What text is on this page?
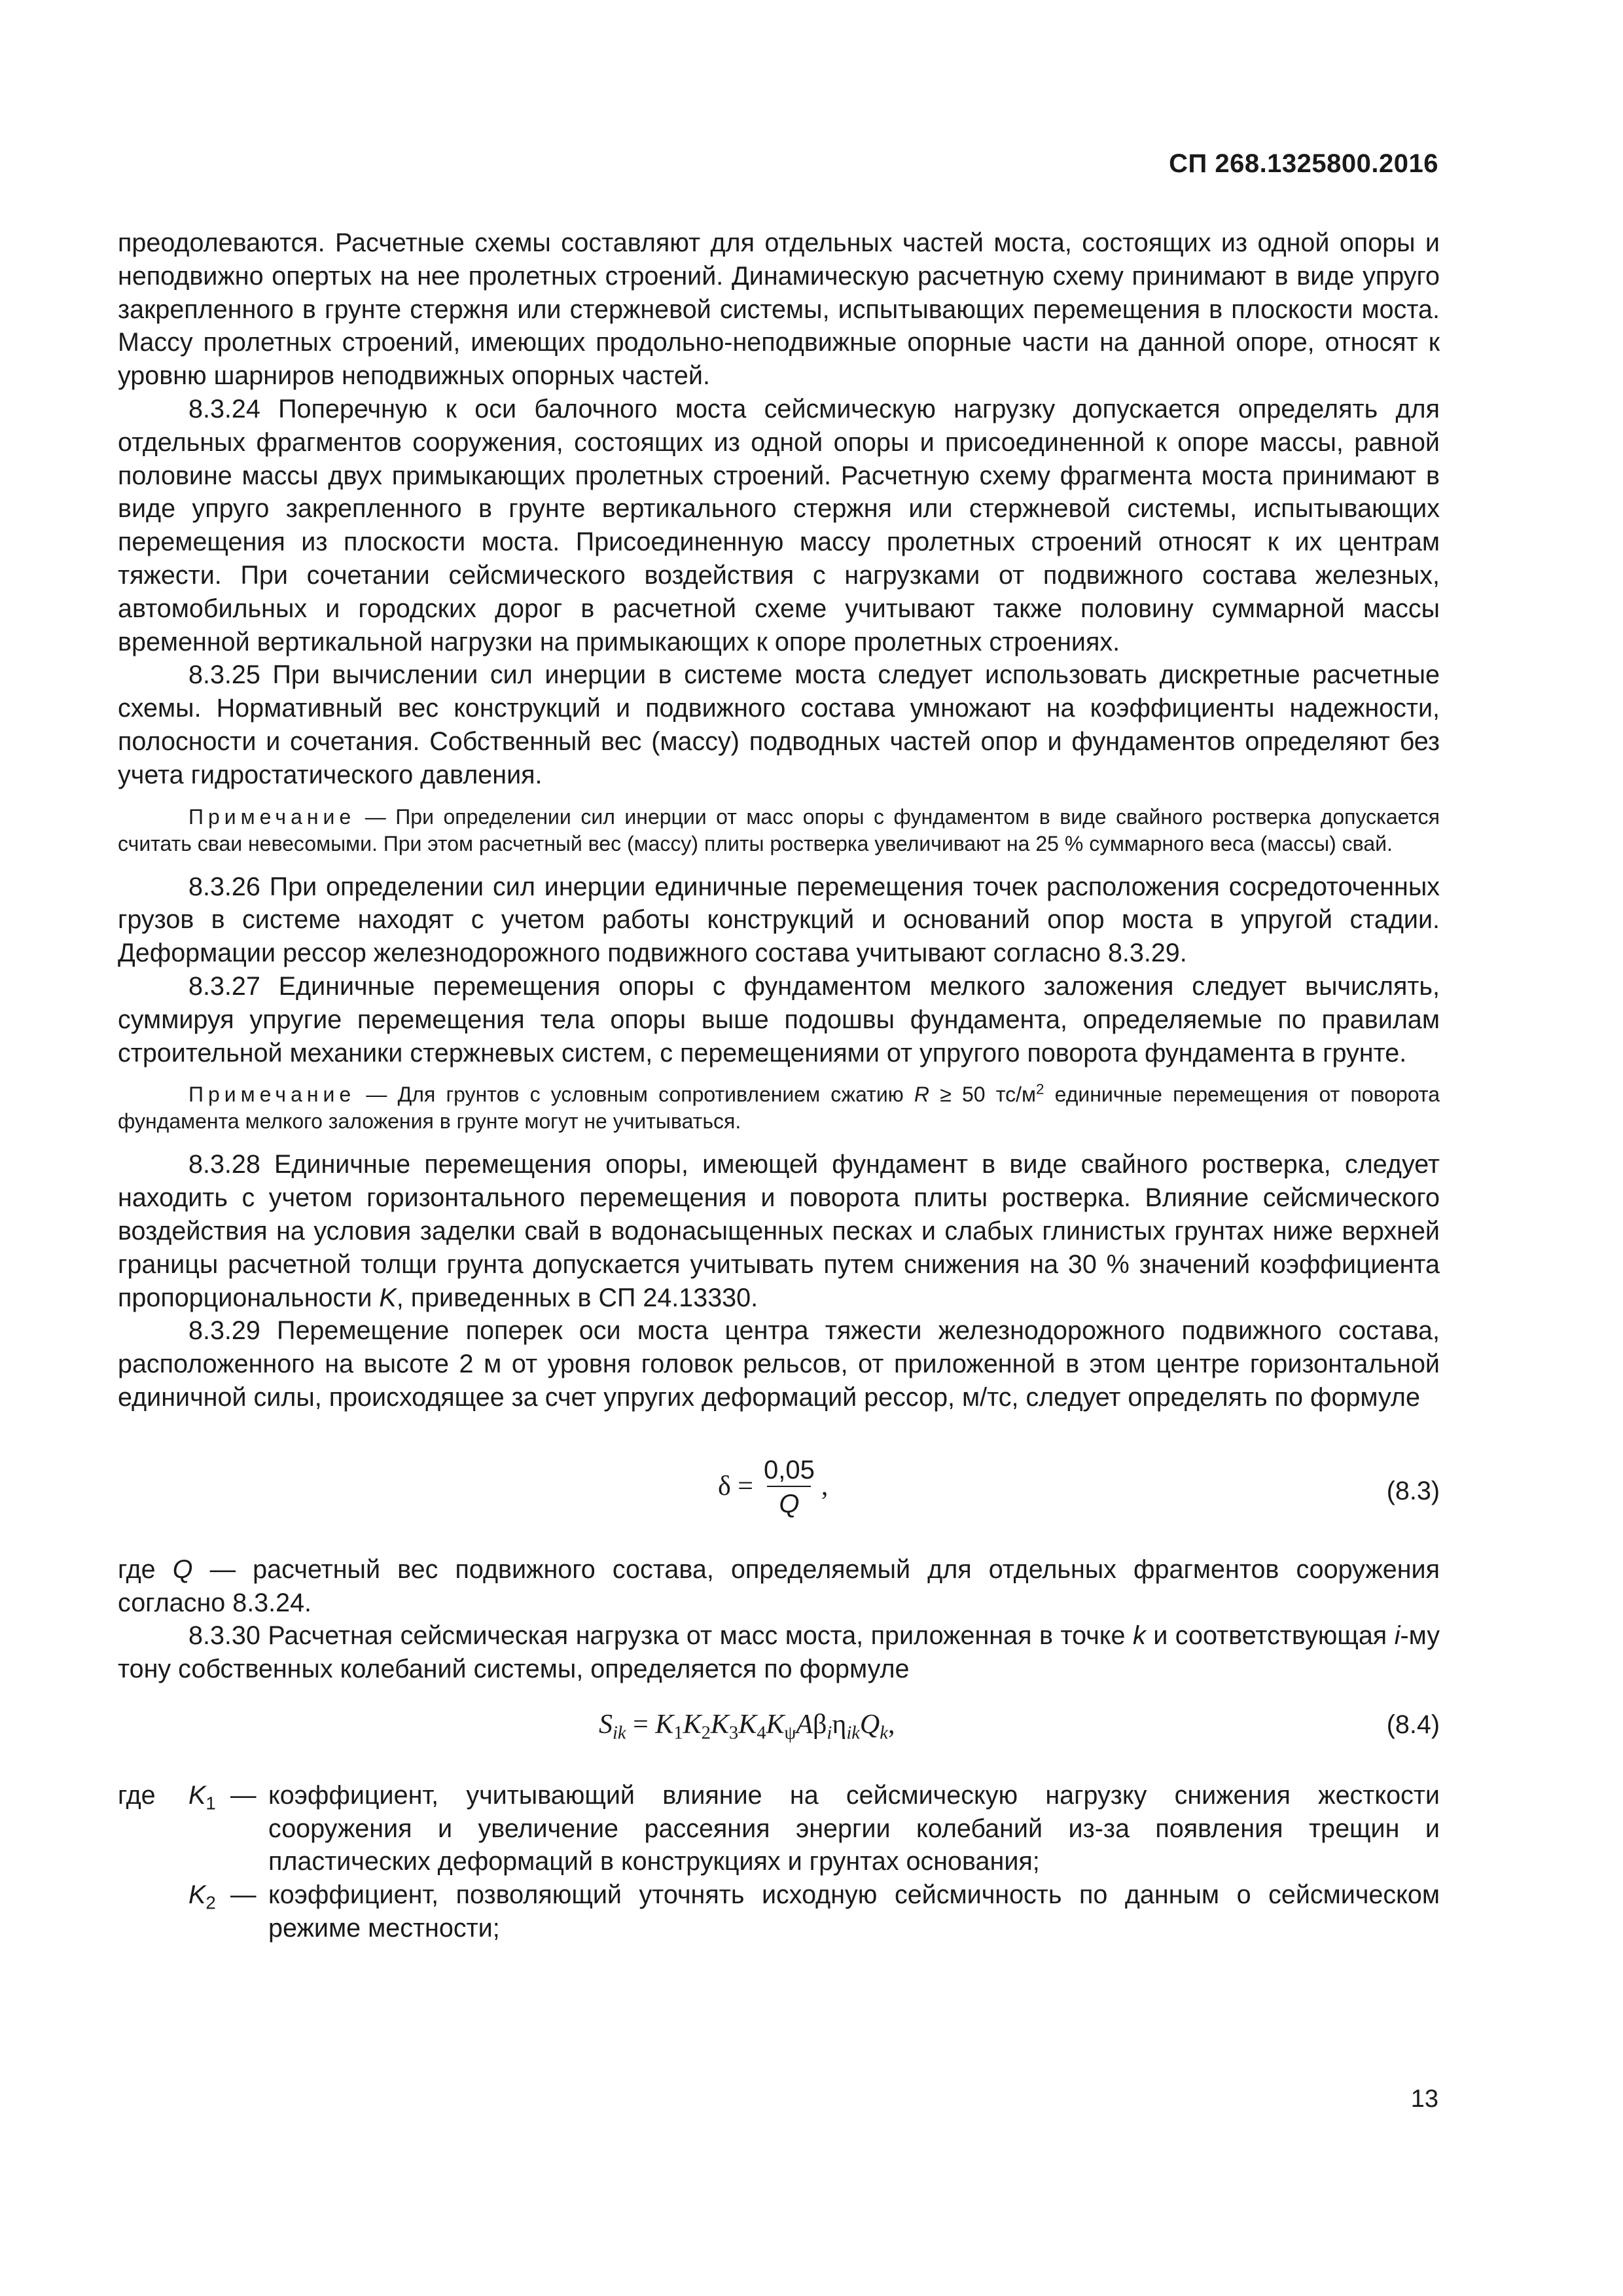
СП 268.1325800.2016

преодолеваются. Расчетные схемы составляют для отдельных частей моста, состоящих из одной опоры и неподвижно опертых на нее пролетных строений. Динамическую расчетную схему принимают в виде упруго закрепленного в грунте стержня или стержневой системы, испытывающих перемещения в плоскости моста. Массу пролетных строений, имеющих продольно-неподвижные опорные части на данной опоре, относят к уровню шарниров неподвижных опорных частей.

8.3.24 Поперечную к оси балочного моста сейсмическую нагрузку допускается определять для отдельных фрагментов сооружения, состоящих из одной опоры и присоединенной к опоре массы, равной половине массы двух примыкающих пролетных строений. Расчетную схему фрагмента моста принимают в виде упруго закрепленного в грунте вертикального стержня или стержневой системы, испытывающих перемещения из плоскости моста. Присоединенную массу пролетных строений относят к их центрам тяжести. При сочетании сейсмического воздействия с нагрузками от подвижного состава железных, автомобильных и городских дорог в расчетной схеме учитывают также половину суммарной массы временной вертикальной нагрузки на примыкающих к опоре пролетных строениях.

8.3.25 При вычислении сил инерции в системе моста следует использовать дискретные расчетные схемы. Нормативный вес конструкций и подвижного состава умножают на коэффициенты надежности, полосности и сочетания. Собственный вес (массу) подводных частей опор и фундаментов определяют без учета гидростатического давления.

Примечание — При определении сил инерции от масс опоры с фундаментом в виде свайного ростверка допускается считать сваи невесомыми. При этом расчетный вес (массу) плиты ростверка увеличивают на 25 % суммарного веса (массы) свай.

8.3.26 При определении сил инерции единичные перемещения точек расположения сосредоточенных грузов в системе находят с учетом работы конструкций и оснований опор моста в упругой стадии. Деформации рессор железнодорожного подвижного состава учитывают согласно 8.3.29.

8.3.27 Единичные перемещения опоры с фундаментом мелкого заложения следует вычислять, суммируя упругие перемещения тела опоры выше подошвы фундамента, определяемые по правилам строительной механики стержневых систем, с перемещениями от упругого поворота фундамента в грунте.

Примечание — Для грунтов с условным сопротивлением сжатию R ≥ 50 $тс/м^2$ единичные перемещения от поворота фундамента мелкого заложения в грунте могут не учитываться.

8.3.28 Единичные перемещения опоры, имеющей фундамент в виде свайного ростверка, следует находить с учетом горизонтального перемещения и поворота плиты ростверка. Влияние сейсмического воздействия на условия заделки свай в водонасыщенных песках и слабых глинистых грунтах ниже верхней границы расчетной толщи грунта допускается учитывать путем снижения на 30 % значений коэффициента пропорциональности K, приведенных в СП 24.13330.

8.3.29 Перемещение поперек оси моста центра тяжести железнодорожного подвижного состава, расположенного на высоте 2 м от уровня головок рельсов, от приложенной в этом центре горизонтальной единичной силы, происходящее за счет упругих деформаций рессор, м/тс, следует определять по формуле

$\delta = \frac{0,05}{Q}$ ,	(8.3)
где Q — расчетный вес подвижного состава, определяемый для отдельных фрагментов сооружения согласно 8.3.24.

8.3.30 Расчетная сейсмическая нагрузка от масс моста, приложенная в точке k и соответствующая i-му тону собственных колебаний системы, определяется по формуле

$S_{ik} = K_1K_2K_3K_4K_\psi A\beta_i\eta_{ik}Q_k$,	(8.4)
где	$K_1$ — коэффициент, учитывающий влияние на сейсмическую нагрузку снижения жесткости сооружения и увеличение рассеяния энергии колебаний из-за появления трещин и пластических деформаций в конструкциях и грунтах основания;
$K_2$ — коэффициент, позволяющий уточнять исходную сейсмичность по данным о сейсмическом режиме местности;
13
